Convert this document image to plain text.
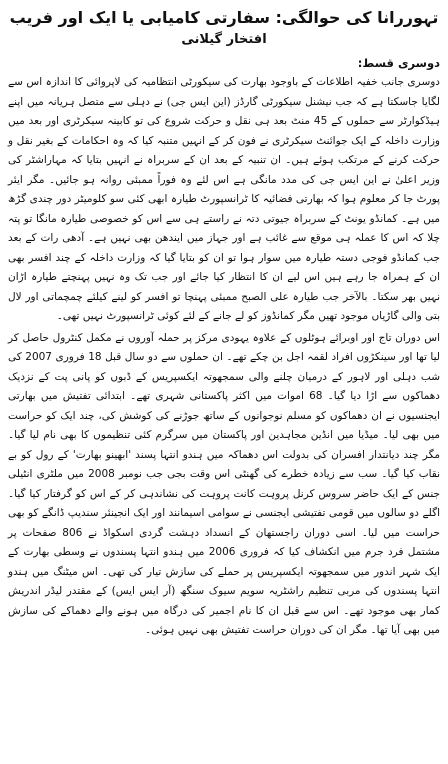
تہوررانا کی حوالگی: سفارتی کامیابی یا ایک اور فریب
افتخار گیلانی
دوسری قسط:

دوسری جانب خفیہ اطلاعات کے باوجود بھارت کی سیکورٹی انتظامیہ کی لاپروائی کا اندازہ اس سے لگایا جاسکتا ہے کہ جب نیشنل سیکورٹی گارڈز (این ایس جی) نے دہلی سے متصل ہریانہ میں اپنے ہیڈکوارٹر سے حملوں کے 45 منٹ بعد ہی نقل و حرکت شروع کی تو کابینہ سیکرٹری اور بعد میں وزارت داخلہ کے ایک جوائنٹ سیکرٹری نے فون کر کے انہیں متنبہ کیا کہ وہ احکامات کے بغیر نقل و حرکت کرنے کے مرتکب ہوئے ہیں۔ ان تنبیہ کے بعد ان کے سربراہ نے انہیں بتایا کہ مہاراشٹر کی وزیر اعلیٰ نے این ایس جی کی مدد مانگی ہے اس لئے وہ فوراً ممبئی روانہ ہو جائیں۔ مگر ایئر پورٹ جا کر معلوم ہوا کہ بھارتی فضائیہ کا ٹرانسپورٹ طیارہ ابھی کئی سو کلومیٹر دور چندی گڑھ میں ہے۔ کمانڈو یونٹ کے سربراہ جیوتی دتہ نے راستے ہی سے اس کو خصوصی طیارہ مانگا تو پتہ چلا کہ اس کا عملہ ہی موقع سے غائب ہے اور جہاز میں ایندھن بھی نہیں ہے۔ آدھی رات کے بعد جب کمانڈو فوجی دستہ طیارہ میں سوار ہوا تو ان کو بتایا گیا کہ وزارت داخلہ کے چند افسر بھی ان کے ہمراہ جا رہے ہیں اس لیے ان کا انتظار کیا جائے اور جب تک وہ نہیں پہنچتے طیارہ اڑان نہیں بھر سکتا۔ بالآخر جب طیارہ علی الصبح ممبئی پہنچا تو افسر کو لینے کیلئے چمچماتی اور لال بتی والی گاڑیاں موجود تھیں مگر کمانڈوز کو لے جانے کے لئے کوئی ٹرانسپورٹ نہیں تھی۔

اس دوران تاج اور اوبرائے ہوٹلوں کے علاوہ یہودی مرکز پر حملہ آوروں نے مکمل کنٹرول حاصل کر لیا تھا اور سینکڑوں افراد لقمہ اجل بن چکے تھے۔ ان حملوں سے دو سال قبل 18 فروری 2007 کی شب دہلی اور لاہور کے درمیان چلنے والی سمجھوتہ ایکسپریس کے ڈبوں کو پانی پت کے نزدیک دھماکوں سے اڑا دیا گیا۔ 68 اموات میں اکثر پاکستانی شہری تھے۔ ابتدائی تفتیش میں بھارتی ایجنسیوں نے ان دھماکوں کو مسلم نوجوانوں کے ساتھ جوڑنے کی کوشش کی، چند ایک کو حراست میں بھی لیا۔ میڈیا میں انڈین مجاہدین اور پاکستان میں سرگرم کئی تنظیموں کا بھی نام لیا گیا۔ مگر چند دیانتدار افسران کی بدولت اس دھماکہ میں ہندو انتہا پسند 'ابھینو بھارت' کے رول کو بے نقاب کیا گیا۔ سب سے زیادہ خطرے کی گھنٹی اس وقت بجی جب نومبر 2008 میں ملٹری انٹیلی جنس کے ایک حاضر سروس کرنل پروہت کانت پروہت کی نشاندہی کر کے اس کو گرفتار کیا گیا۔ اگلے دو سالوں میں قومی تفتیشی ایجنسی نے سوامی اسیمانند اور ایک انجینئر سندیپ ڈانگے کو بھی حراست میں لیا۔ اسی دوران راجستھان کے انسداد دہشت گردی اسکواڈ نے 806 صفحات پر مشتمل فرد جرم میں انکشاف کیا کہ فروری 2006 میں ہندو انتہا پسندوں نے وسطی بھارت کے ایک شہر اندور میں سمجھوتہ ایکسپریس پر حملے کی سازش تیار کی تھی۔ اس میٹنگ میں ہندو انتہا پسندوں کی مربی تنظیم راشٹریہ سویم سیوک سنگھ (آر ایس ایس) کے مقتدر لیڈر اندریش کمار بھی موجود تھے۔ اس سے قبل ان کا نام اجمیر کی درگاہ میں ہونے والے دھماکے کی سازش میں بھی آیا تھا۔ مگر ان کی دوران حراست تفتیش بھی نہیں ہوئی۔
